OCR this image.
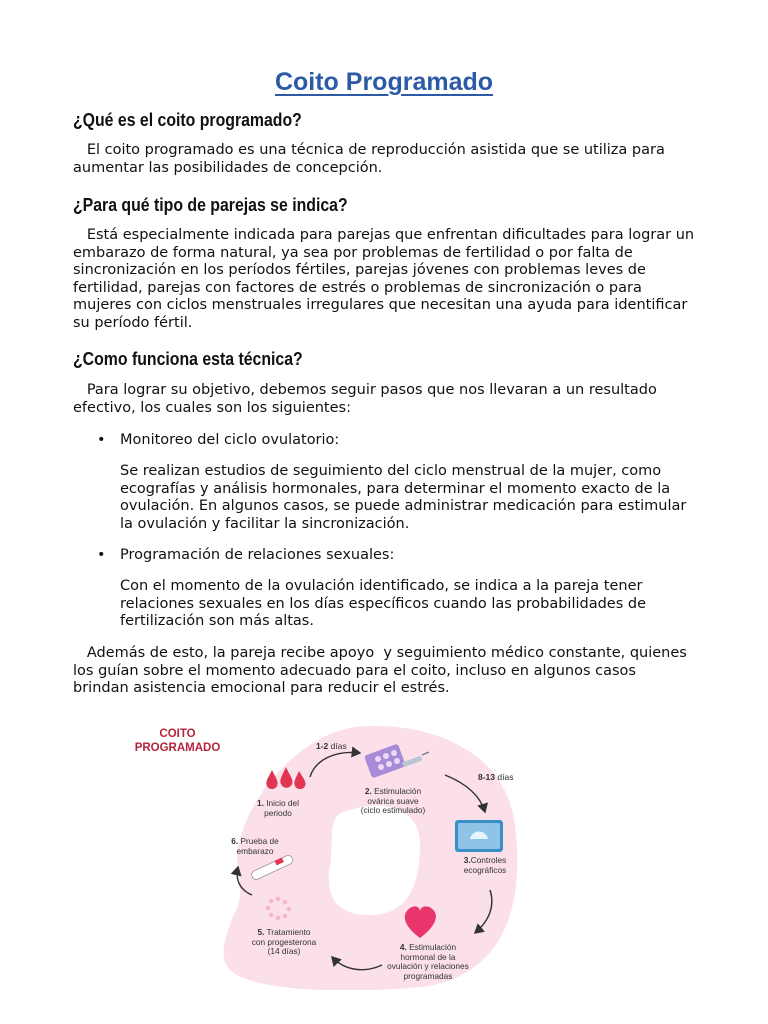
Coito Programado
¿Qué es el coito programado?

El coito programado es una técnica de reproducción asistida que se utiliza para aumentar las posibilidades de concepción.

¿Para qué tipo de parejas se indica?

Está especialmente indicada para parejas que enfrentan dificultades para lograr un embarazo de forma natural, ya sea por problemas de fertilidad o por falta de sincronización en los períodos fértiles, parejas jóvenes con problemas leves de fertilidad, parejas con factores de estrés o problemas de sincronización o para mujeres con ciclos menstruales irregulares que necesitan una ayuda para identificar su período fértil.

¿Como funciona esta técnica?

Para lograr su objetivo, debemos seguir pasos que nos llevaran a un resultado efectivo, los cuales son los siguientes:

• Monitoreo del ciclo ovulatorio:

Se realizan estudios de seguimiento del ciclo menstrual de la mujer, como ecografías y análisis hormonales, para determinar el momento exacto de la ovulación. En algunos casos, se puede administrar medicación para estimular la ovulación y facilitar la sincronización.

• Programación de relaciones sexuales:

Con el momento de la ovulación identificado, se indica a la pareja tener relaciones sexuales en los días específicos cuando las probabilidades de fertilización son más altas.

Además de esto, la pareja recibe apoyo  y seguimiento médico constante, quienes los guían sobre el momento adecuado para el coito, incluso en algunos casos brindan asistencia emocional para reducir el estrés.

COITO
PROGRAMADO	1-2 días

8-13 días

1. Inicio del
periodo

2. Estimulación
ovárica suave
(ciclo estimulado)

3.Controles
ecográficos

4. Estimulación
hormonal de la
ovulación y relaciones
programadas

5. Tratamiento
con progesterona
(14 días)

6. Prueba de
embarazo
